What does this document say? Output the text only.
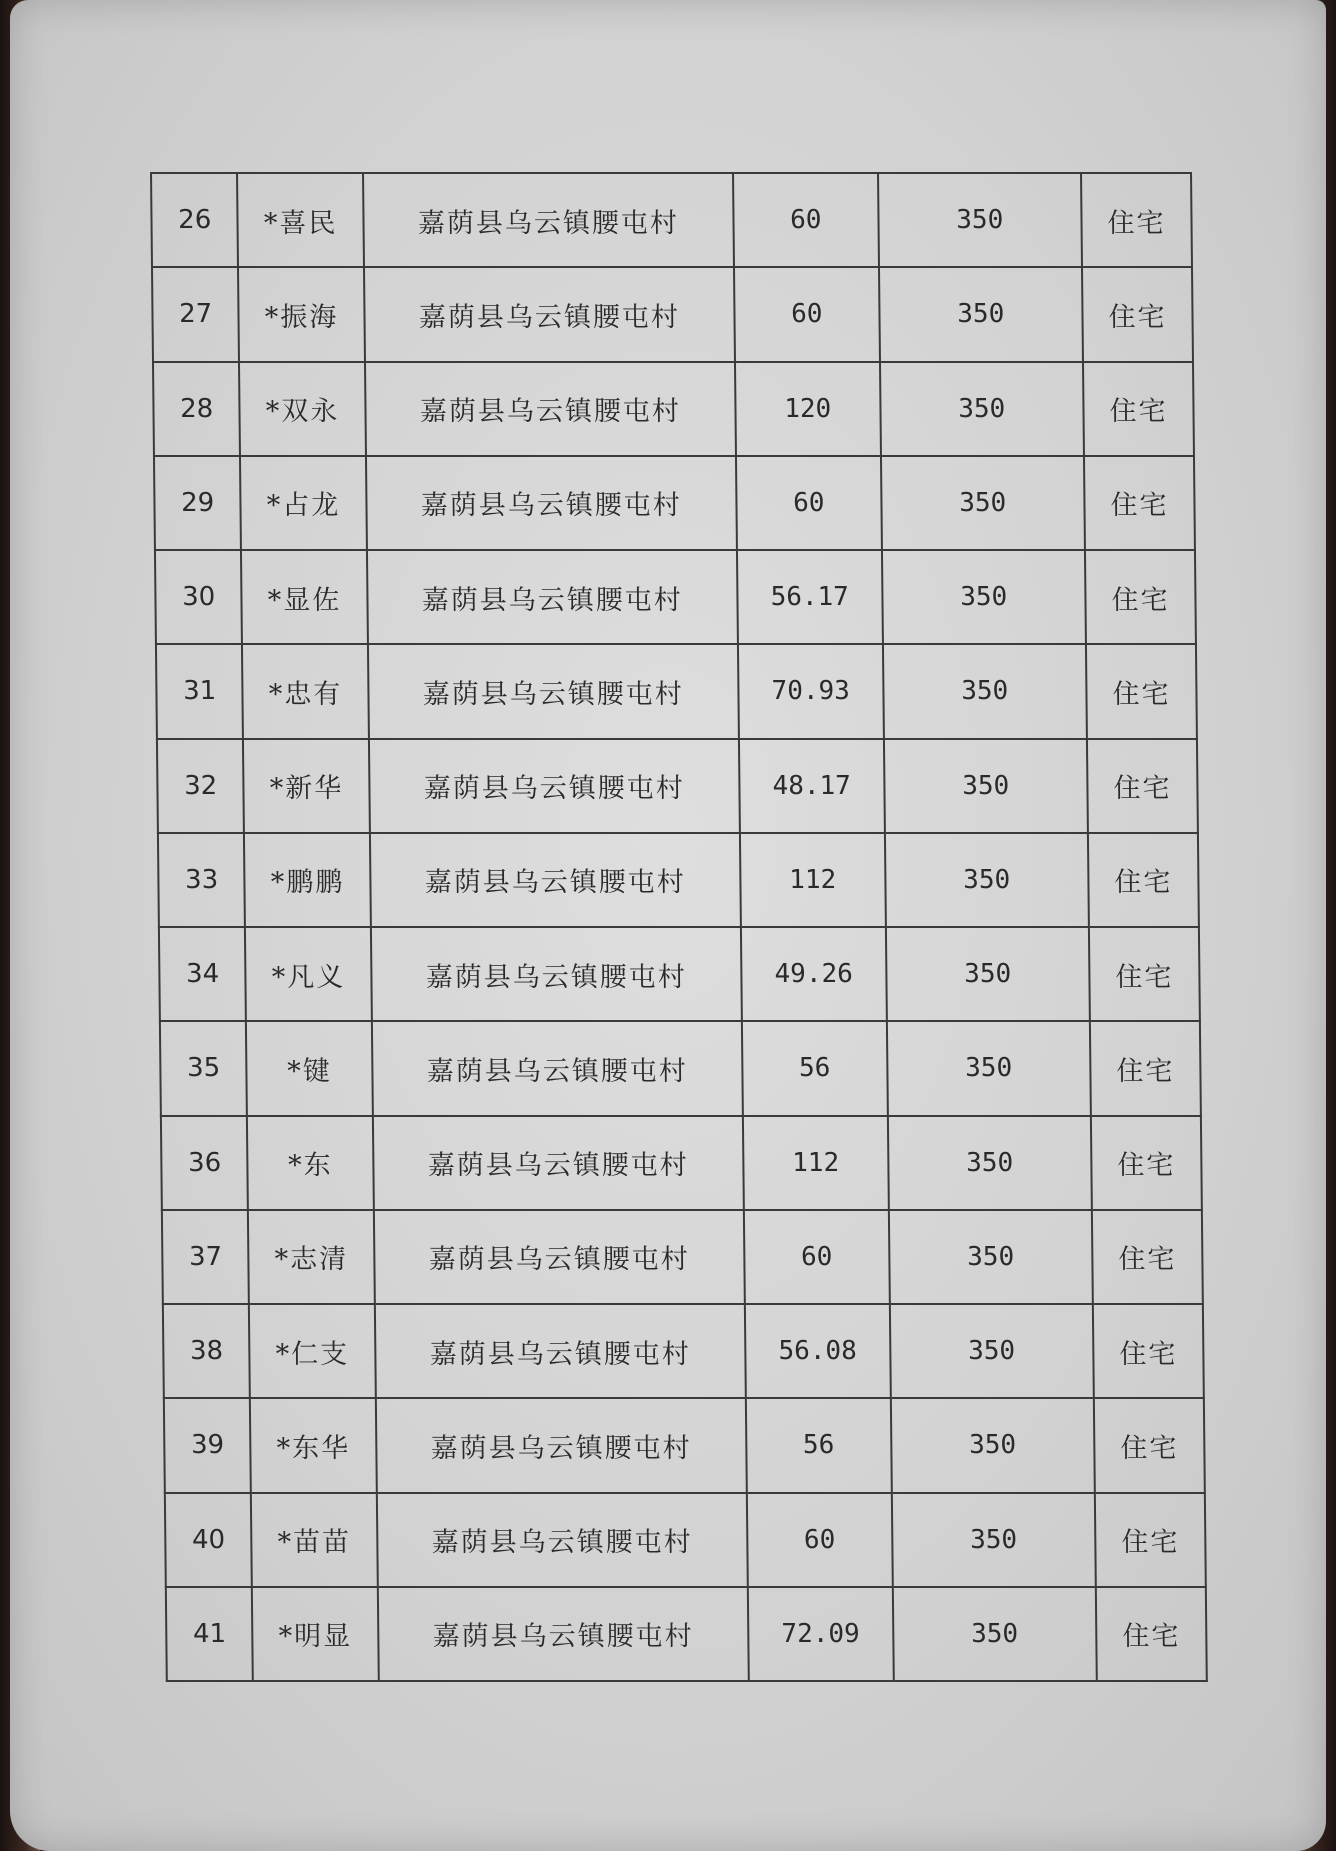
26	*喜民	嘉荫县乌云镇腰屯村	60	350	住宅
27	*振海	嘉荫县乌云镇腰屯村	60	350	住宅
28	*双永	嘉荫县乌云镇腰屯村	120	350	住宅
29	*占龙	嘉荫县乌云镇腰屯村	60	350	住宅
30	*显佐	嘉荫县乌云镇腰屯村	56.17	350	住宅
31	*忠有	嘉荫县乌云镇腰屯村	70.93	350	住宅
32	*新华	嘉荫县乌云镇腰屯村	48.17	350	住宅
33	*鹏鹏	嘉荫县乌云镇腰屯村	112	350	住宅
34	*凡义	嘉荫县乌云镇腰屯村	49.26	350	住宅
35	*键	嘉荫县乌云镇腰屯村	56	350	住宅
36	*东	嘉荫县乌云镇腰屯村	112	350	住宅
37	*志清	嘉荫县乌云镇腰屯村	60	350	住宅
38	*仁支	嘉荫县乌云镇腰屯村	56.08	350	住宅
39	*东华	嘉荫县乌云镇腰屯村	56	350	住宅
40	*苗苗	嘉荫县乌云镇腰屯村	60	350	住宅
41	*明显	嘉荫县乌云镇腰屯村	72.09	350	住宅
